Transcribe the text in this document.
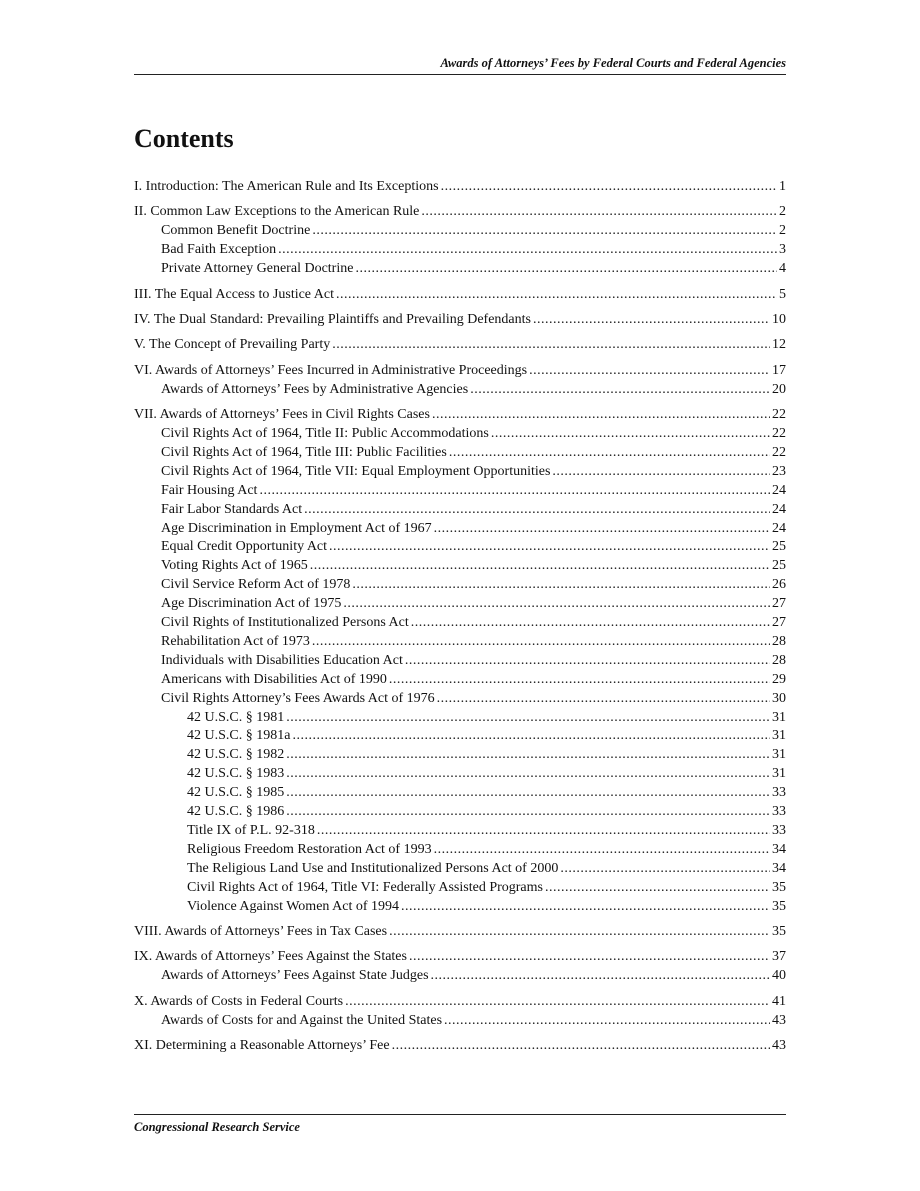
Awards of Attorneys’ Fees by Federal Courts and Federal Agencies
Contents
I. Introduction: The American Rule and Its Exceptions .....	1
II. Common Law Exceptions to the American Rule .....	2
Common Benefit Doctrine .....	2
Bad Faith Exception .....	3
Private Attorney General Doctrine .....	4
III. The Equal Access to Justice Act .....	5
IV. The Dual Standard: Prevailing Plaintiffs and Prevailing Defendants .....	10
V. The Concept of Prevailing Party .....	12
VI. Awards of Attorneys’ Fees Incurred in Administrative Proceedings .....	17
Awards of Attorneys’ Fees by Administrative Agencies .....	20
VII. Awards of Attorneys’ Fees in Civil Rights Cases .....	22
Civil Rights Act of 1964, Title II: Public Accommodations .....	22
Civil Rights Act of 1964, Title III: Public Facilities .....	22
Civil Rights Act of 1964, Title VII: Equal Employment Opportunities .....	23
Fair Housing Act .....	24
Fair Labor Standards Act .....	24
Age Discrimination in Employment Act of 1967 .....	24
Equal Credit Opportunity Act .....	25
Voting Rights Act of 1965 .....	25
Civil Service Reform Act of 1978 .....	26
Age Discrimination Act of 1975 .....	27
Civil Rights of Institutionalized Persons Act .....	27
Rehabilitation Act of 1973 .....	28
Individuals with Disabilities Education Act .....	28
Americans with Disabilities Act of 1990 .....	29
Civil Rights Attorney’s Fees Awards Act of 1976 .....	30
42 U.S.C. § 1981 .....	31
42 U.S.C. § 1981a .....	31
42 U.S.C. § 1982 .....	31
42 U.S.C. § 1983 .....	31
42 U.S.C. § 1985 .....	33
42 U.S.C. § 1986 .....	33
Title IX of P.L. 92-318 .....	33
Religious Freedom Restoration Act of 1993 .....	34
The Religious Land Use and Institutionalized Persons Act of 2000 .....	34
Civil Rights Act of 1964, Title VI: Federally Assisted Programs .....	35
Violence Against Women Act of 1994 .....	35
VIII. Awards of Attorneys’ Fees in Tax Cases .....	35
IX. Awards of Attorneys’ Fees Against the States .....	37
Awards of Attorneys’ Fees Against State Judges .....	40
X. Awards of Costs in Federal Courts .....	41
Awards of Costs for and Against the United States .....	43
XI. Determining a Reasonable Attorneys’ Fee .....	43
Congressional Research Service
